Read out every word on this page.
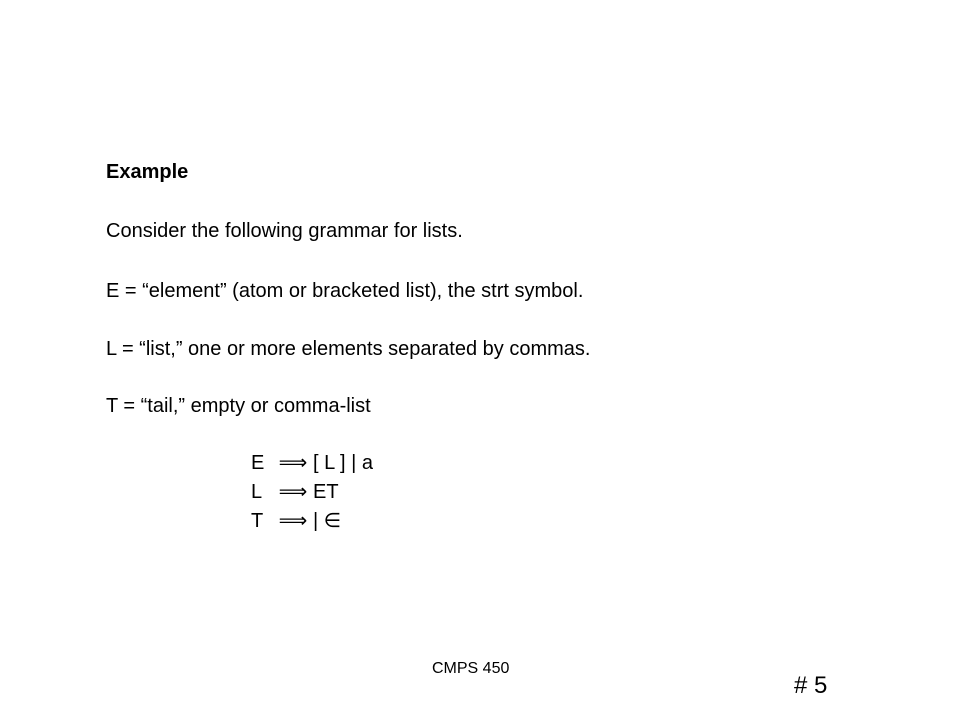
Example
Consider the following grammar for lists.
E = “element” (atom or bracketed list), the strt symbol.
L = “list,” one or more elements separated by commas.
T = “tail,” empty or comma-list
E ⟹ [ L ] | a
L ⟹ ET
T ⟹ | ∈
CMPS 450
# 5
